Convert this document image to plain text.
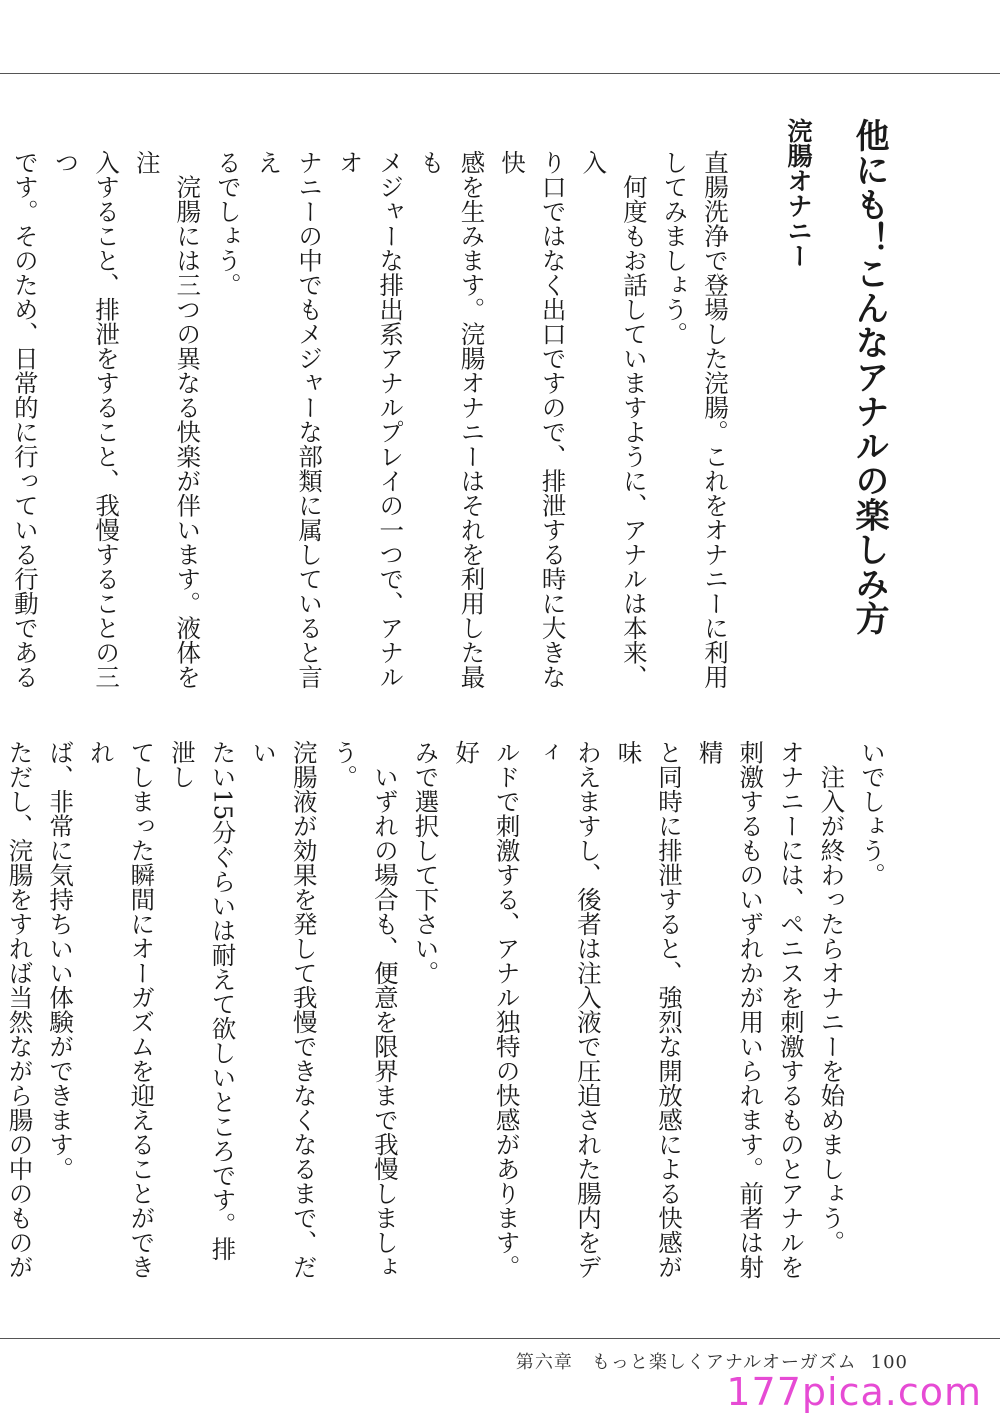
他にも！こんなアナルの楽しみ方
浣腸オナニー

直腸洗浄で登場した浣腸。これをオナニーに利用
してみましょう。
　何度もお話していますように、アナルは本来、入
り口ではなく出口ですので、排泄する時に大きな快
感を生みます。浣腸オナニーはそれを利用した最も
メジャーな排出系アナルプレイの一つで、アナルオ
ナニーの中でもメジャーな部類に属していると言え
るでしょう。
　浣腸には三つの異なる快楽が伴います。液体を注
入すること、排泄をすること、我慢することの三つ
です。そのため、日常的に行っている行動である

いでしょう。
　注入が終わったらオナニーを始めましょう。
オナニーには、ペニスを刺激するものとアナルを
刺激するものいずれかが用いられます。前者は射精
と同時に排泄すると、強烈な開放感による快感が味
わえますし、後者は注入液で圧迫された腸内をディ
ルドで刺激する、アナル独特の快感があります。好
みで選択して下さい。
　いずれの場合も、便意を限界まで我慢しましょう。
浣腸液が効果を発して我慢できなくなるまで、だい
たい15分ぐらいは耐えて欲しいところです。排泄し
てしまった瞬間にオーガズムを迎えることができれ
ば、非常に気持ちいい体験ができます。
ただし、浣腸をすれば当然ながら腸の中のものが

第六章　もっと楽しくアナルオーガズム 100
177pica.com
